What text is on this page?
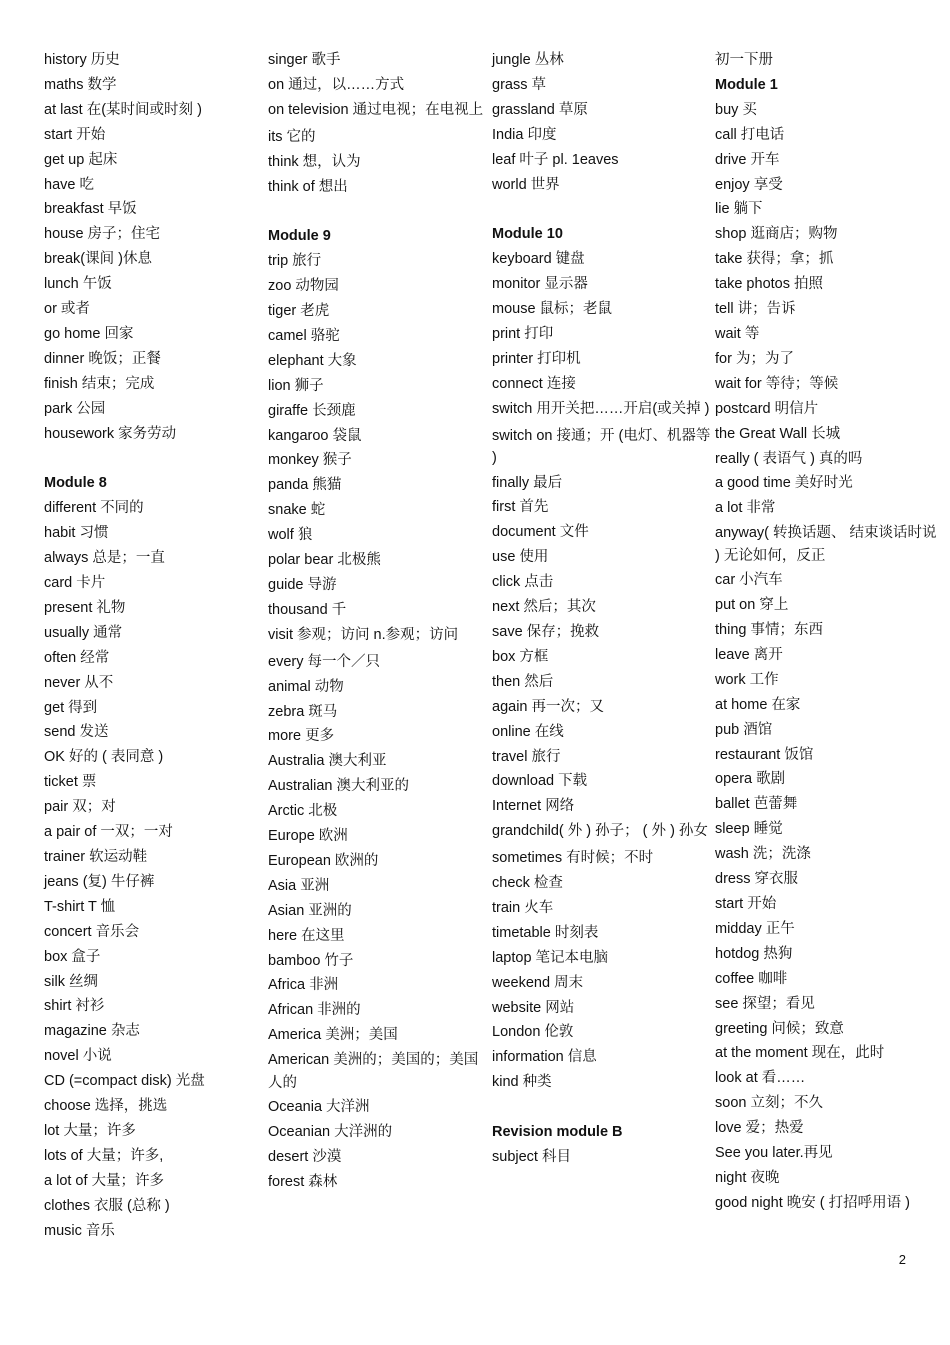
history 历史
maths 数学
at last 在(某时间或时刻 )
start 开始
get up 起床
have 吃
breakfast 早饭
house 房子；住宅
break(课间 )休息
lunch 午饭
or 或者
go home 回家
dinner 晚饭；正餐
finish 结束；完成
park 公园
housework 家务劳动
Module 8
different 不同的
habit 习惯
always 总是；一直
card 卡片
present 礼物
usually 通常
often 经常
never 从不
get 得到
send 发送
OK 好的 ( 表同意 )
ticket 票
pair 双；对
a pair of 一双；一对
trainer 软运动鞋
jeans (复) 牛仔裤
T-shirt T 恤
concert 音乐会
box 盒子
silk 丝绸
shirt 衬衫
magazine 杂志
novel 小说
CD (=compact disk) 光盘
choose 选择，挑选
lot 大量；许多
lots of 大量；许多,
a lot of 大量；许多
clothes 衣服 (总称 )
music 音乐
singer 歌手
on 通过，以……方式
on television 通过电视；在电视上
its 它的
think 想，认为
think of 想出
Module 9
trip 旅行
zoo 动物园
tiger 老虎
camel 骆驼
elephant 大象
lion 狮子
giraffe 长颈鹿
kangaroo 袋鼠
monkey 猴子
panda 熊猫
snake 蛇
wolf 狼
polar bear 北极熊
guide 导游
thousand 千
visit 参观；访问 n.参观；访问
every 每一个／只
animal 动物
zebra 斑马
more 更多
Australia 澳大利亚
Australian 澳大利亚的
Arctic 北极
Europe 欧洲
European 欧洲的
Asia 亚洲
Asian 亚洲的
here 在这里
bamboo 竹子
Africa 非洲
African 非洲的
America 美洲；美国
American 美洲的；美国的；美国人的
Oceania 大洋洲
Oceanian 大洋洲的
desert 沙漠
forest 森林
jungle 丛林
grass 草
grassland 草原
India 印度
leaf 叶子 pl. 1eaves
world 世界
Module 10
keyboard 键盘
monitor 显示器
mouse 鼠标；老鼠
print 打印
printer 打印机
connect 连接
switch 用开关把……开启(或关掉 )
switch on 接通；开 (电灯、机器等 )
finally 最后
first 首先
document 文件
use 使用
click 点击
next 然后；其次
save 保存；挽救
box 方框
then 然后
again 再一次；又
online 在线
travel 旅行
download 下载
Internet 网络
grandchild( 外 ) 孙子； ( 外 ) 孙女
sometimes 有时候；不时
check 检查
train 火车
timetable 时刻表
laptop 笔记本电脑
weekend 周末
website 网站
London 伦敦
information 信息
kind 种类
Revision module B
subject 科目
初一下册
Module 1
buy 买
call 打电话
drive 开车
enjoy 享受
lie 躺下
shop 逛商店；购物
take 获得；拿；抓
take photos 拍照
tell 讲；告诉
wait 等
for 为；为了
wait for 等待；等候
postcard 明信片
the Great Wall 长城
really ( 表语气 ) 真的吗
a good time 美好时光
a lot 非常
anyway( 转换话题、 结束谈话时说 ) 无论如何，反正
car 小汽车
put on 穿上
thing 事情；东西
leave 离开
work 工作
at home 在家
pub 酒馆
restaurant 饭馆
opera 歌剧
ballet 芭蕾舞
sleep 睡觉
wash 洗；洗涤
dress 穿衣服
start 开始
midday 正午
hotdog 热狗
coffee 咖啡
see 探望；看见
greeting 问候；致意
at the moment 现在，此时
look at 看……
soon 立刻；不久
love 爱；热爱
See you later.再见
night 夜晚
good night 晚安 ( 打招呼用语 )
2
